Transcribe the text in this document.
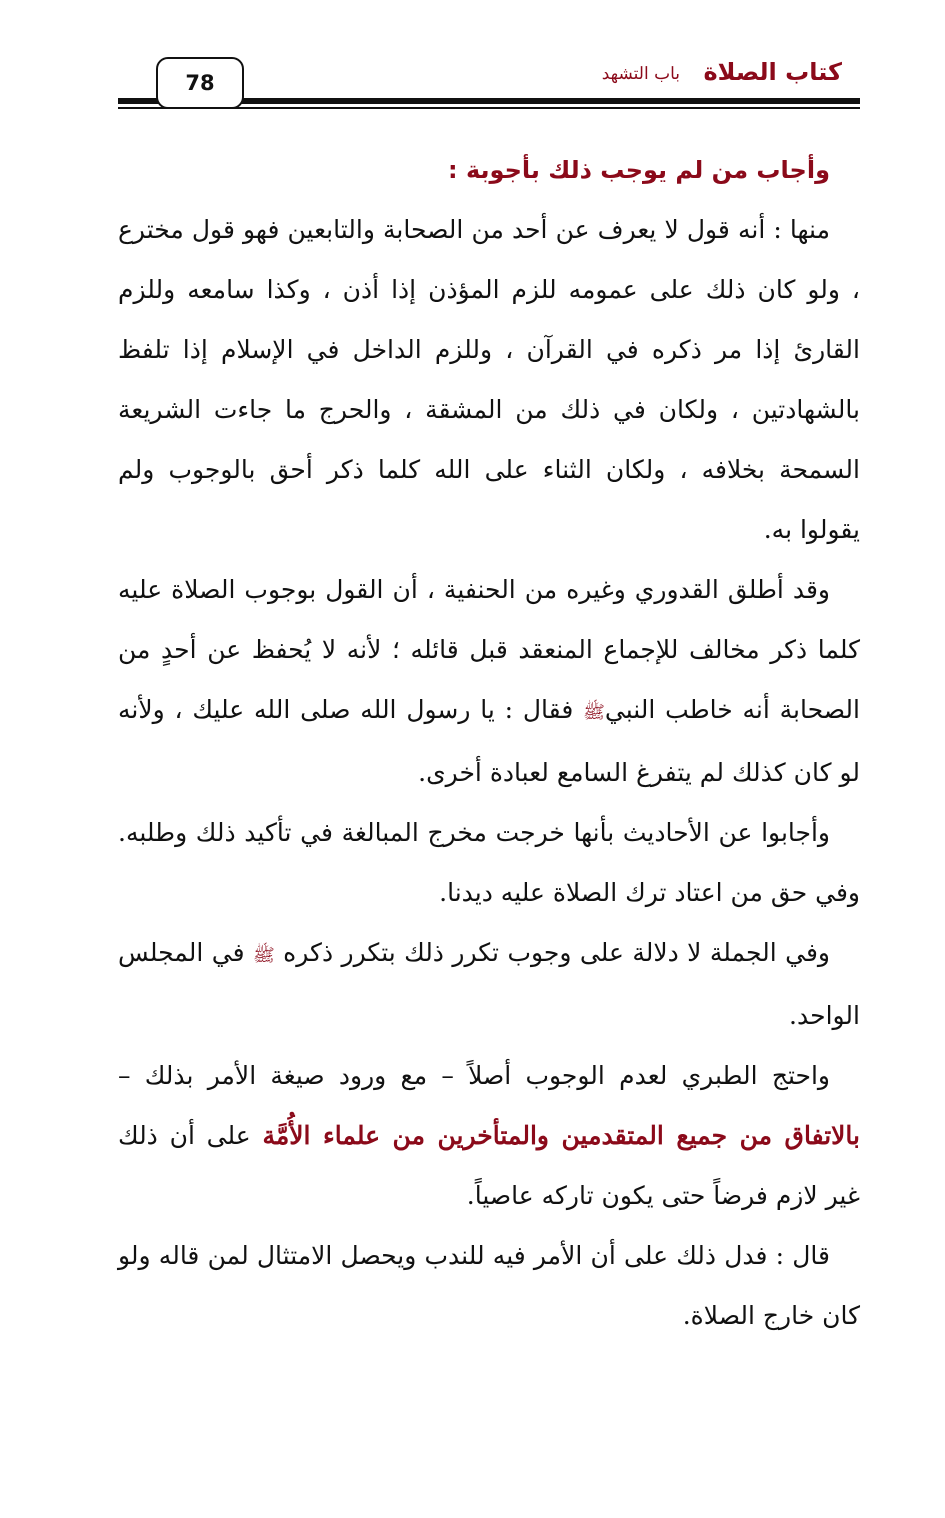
كتاب الصلاة
باب التشهد
78

وأجاب من لم يوجب ذلك بأجوبة :

منها : أنه قول لا يعرف عن أحد من الصحابة والتابعين فهو قول مخترع ، ولو كان ذلك على عمومه للزم المؤذن إذا أذن ، وكذا سامعه وللزم القارئ إذا مر ذكره في القرآن ، وللزم الداخل في الإسلام إذا تلفظ بالشهادتين ، ولكان في ذلك من المشقة ، والحرج ما جاءت الشريعة السمحة بخلافه ، ولكان الثناء على الله كلما ذكر أحق بالوجوب ولم يقولوا به.

وقد أطلق القدوري وغيره من الحنفية ، أن القول بوجوب الصلاة عليه كلما ذكر مخالف للإجماع المنعقد قبل قائله ؛ لأنه لا يُحفظ عن أحدٍ من الصحابة أنه خاطب النبيﷺ فقال : يا رسول الله صلى الله عليك ، ولأنه لو كان كذلك لم يتفرغ السامع لعبادة أخرى.

وأجابوا عن الأحاديث بأنها خرجت مخرج المبالغة في تأكيد ذلك وطلبه. وفي حق من اعتاد ترك الصلاة عليه ديدنا.

وفي الجملة لا دلالة على وجوب تكرر ذلك بتكرر ذكره ﷺ في المجلس الواحد.

واحتج الطبري لعدم الوجوب أصلاً – مع ورود صيغة الأمر بذلك – بالاتفاق من جميع المتقدمين والمتأخرين من علماء الأُمَّة على أن ذلك غير لازم فرضاً حتى يكون تاركه عاصياً.

قال : فدل ذلك على أن الأمر فيه للندب ويحصل الامتثال لمن قاله ولو كان خارج الصلاة.
